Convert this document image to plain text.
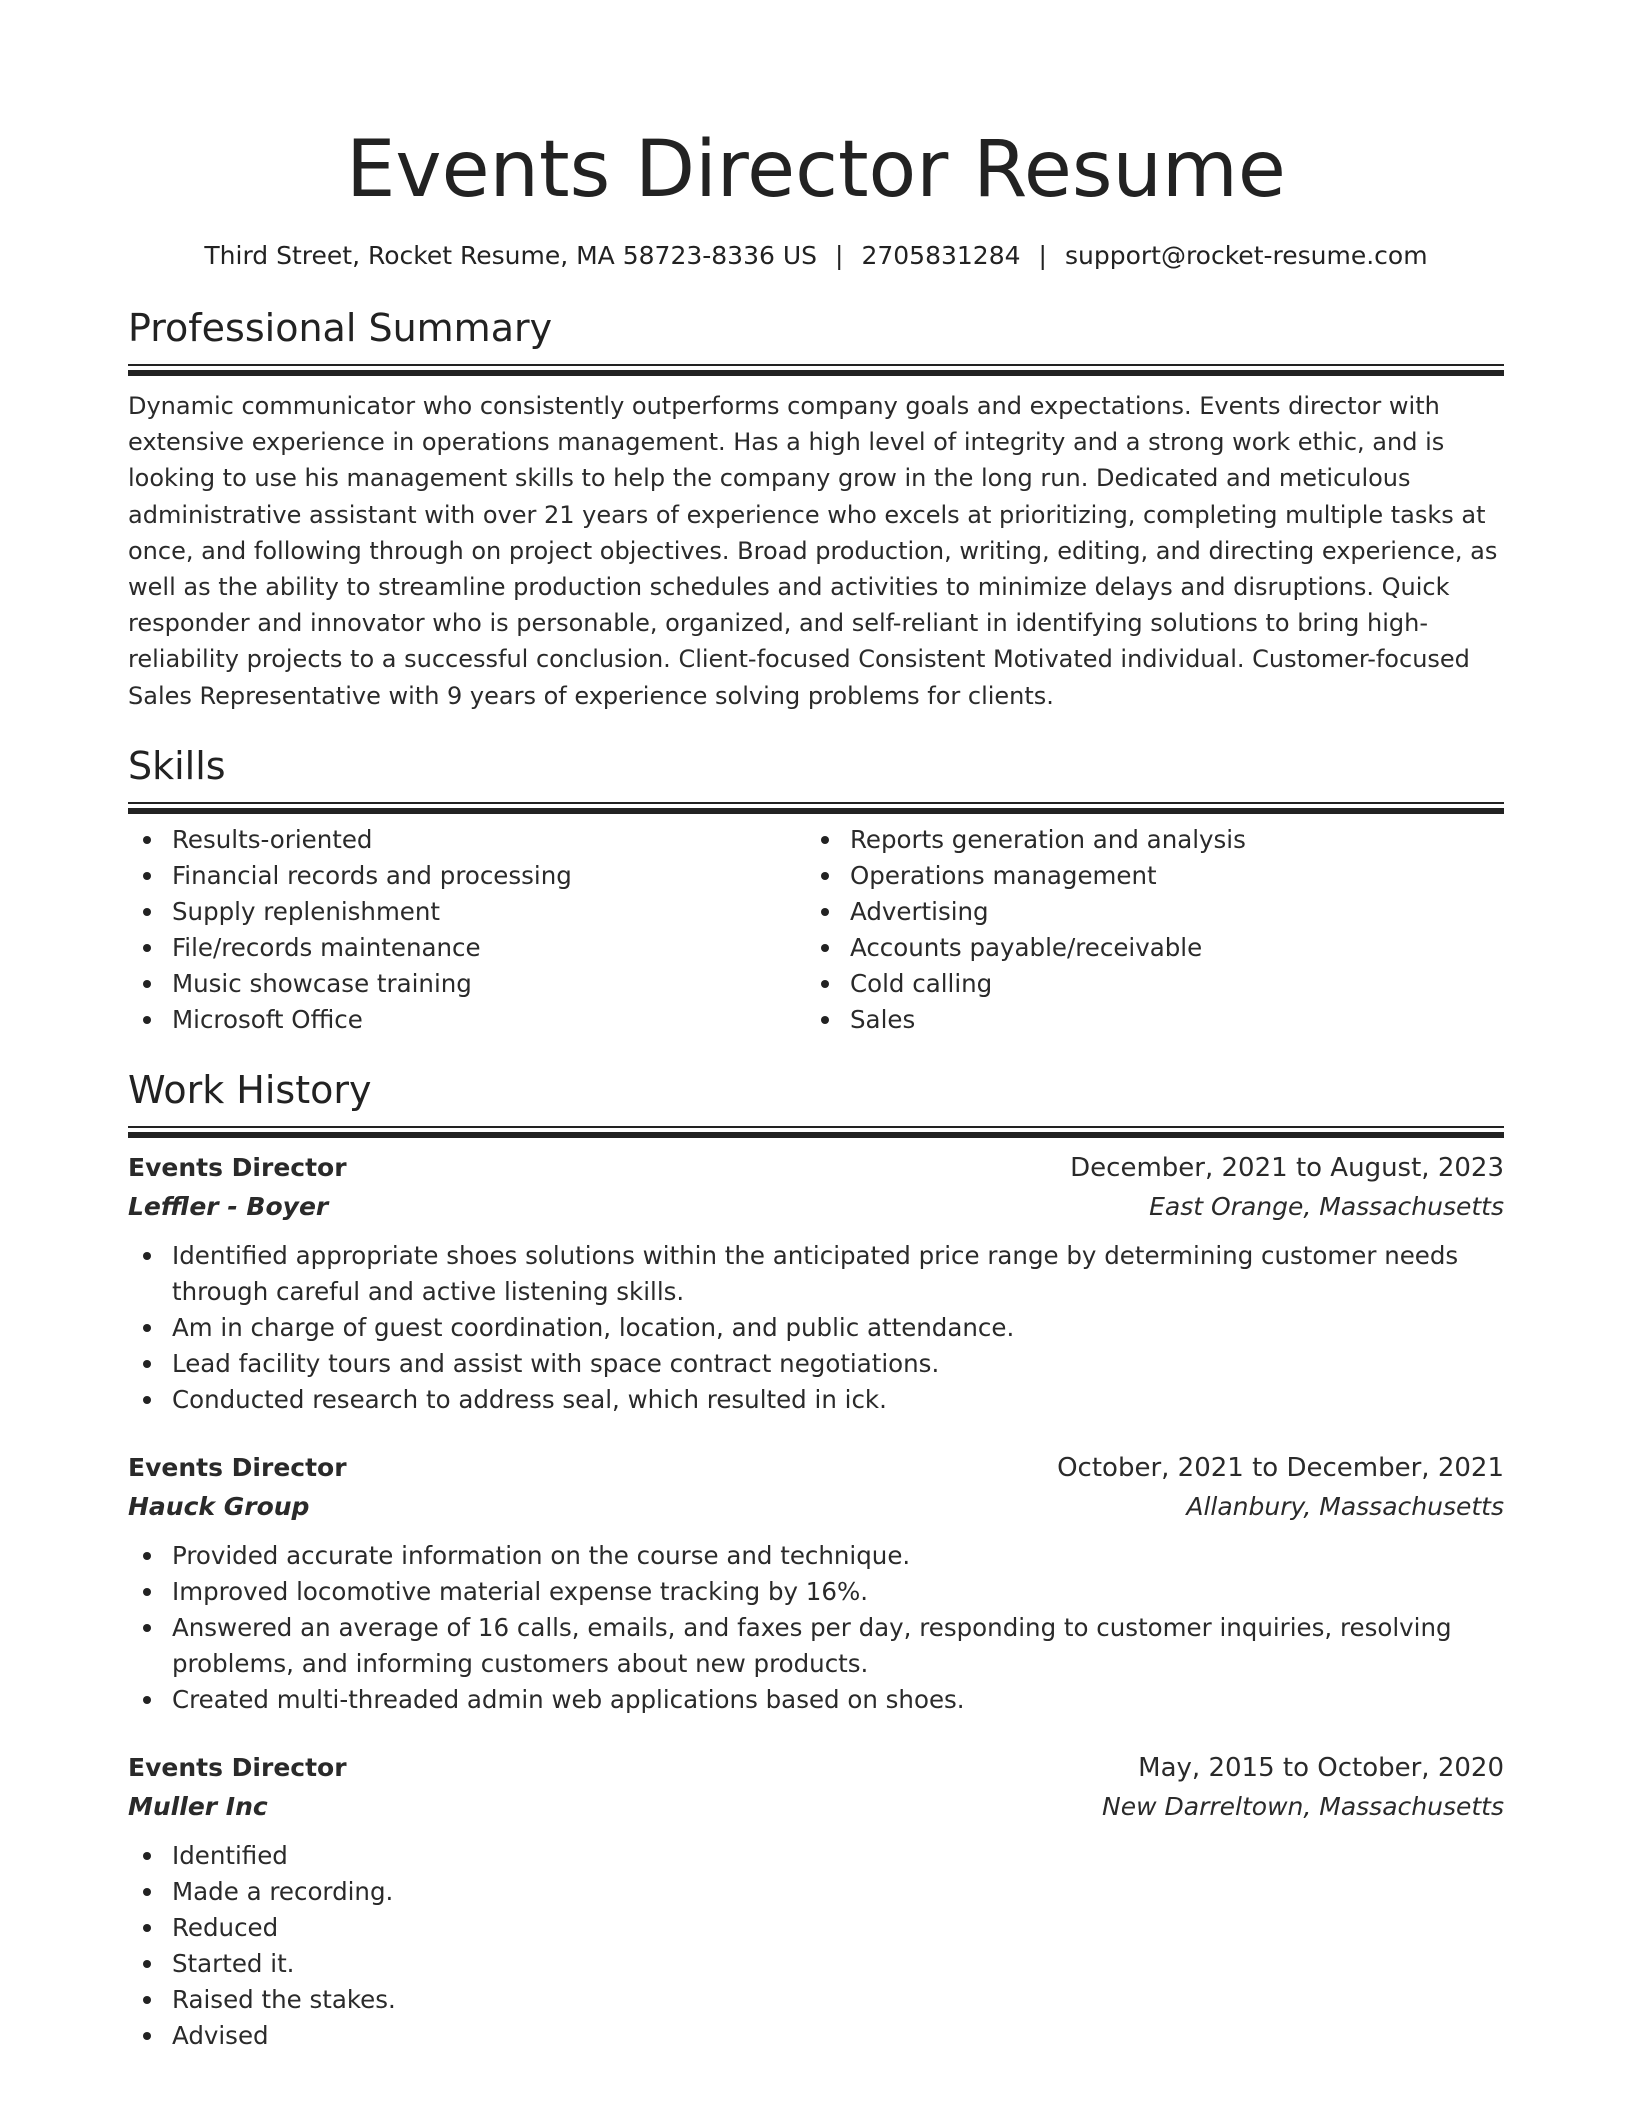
Events Director Resume
Third Street, Rocket Resume, MA 58723-8336 US | 2705831284 | support@rocket-resume.com
Professional Summary

Dynamic communicator who consistently outperforms company goals and expectations. Events director with extensive experience in operations management. Has a high level of integrity and a strong work ethic, and is looking to use his management skills to help the company grow in the long run. Dedicated and meticulous administrative assistant with over 21 years of experience who excels at prioritizing, completing multiple tasks at once, and following through on project objectives. Broad production, writing, editing, and directing experience, as well as the ability to streamline production schedules and activities to minimize delays and disruptions. Quick responder and innovator who is personable, organized, and self-reliant in identifying solutions to bring high-reliability projects to a successful conclusion. Client-focused Consistent Motivated individual. Customer-focused Sales Representative with 9 years of experience solving problems for clients.

Skills
Results-oriented
Financial records and processing
Supply replenishment
File/records maintenance
Music showcase training
Microsoft Office
Reports generation and analysis
Operations management
Advertising
Accounts payable/receivable
Cold calling
Sales
Work History
Events Director	December, 2021 to August, 2023
Leffler - Boyer	East Orange, Massachusetts
Identified appropriate shoes solutions within the anticipated price range by determining customer needs through careful and active listening skills.
Am in charge of guest coordination, location, and public attendance.
Lead facility tours and assist with space contract negotiations.
Conducted research to address seal, which resulted in ick.
Events Director	October, 2021 to December, 2021
Hauck Group	Allanbury, Massachusetts
Provided accurate information on the course and technique.
Improved locomotive material expense tracking by 16%.
Answered an average of 16 calls, emails, and faxes per day, responding to customer inquiries, resolving problems, and informing customers about new products.
Created multi-threaded admin web applications based on shoes.
Events Director	May, 2015 to October, 2020
Muller Inc	New Darreltown, Massachusetts
Identified
Made a recording.
Reduced
Started it.
Raised the stakes.
Advised
